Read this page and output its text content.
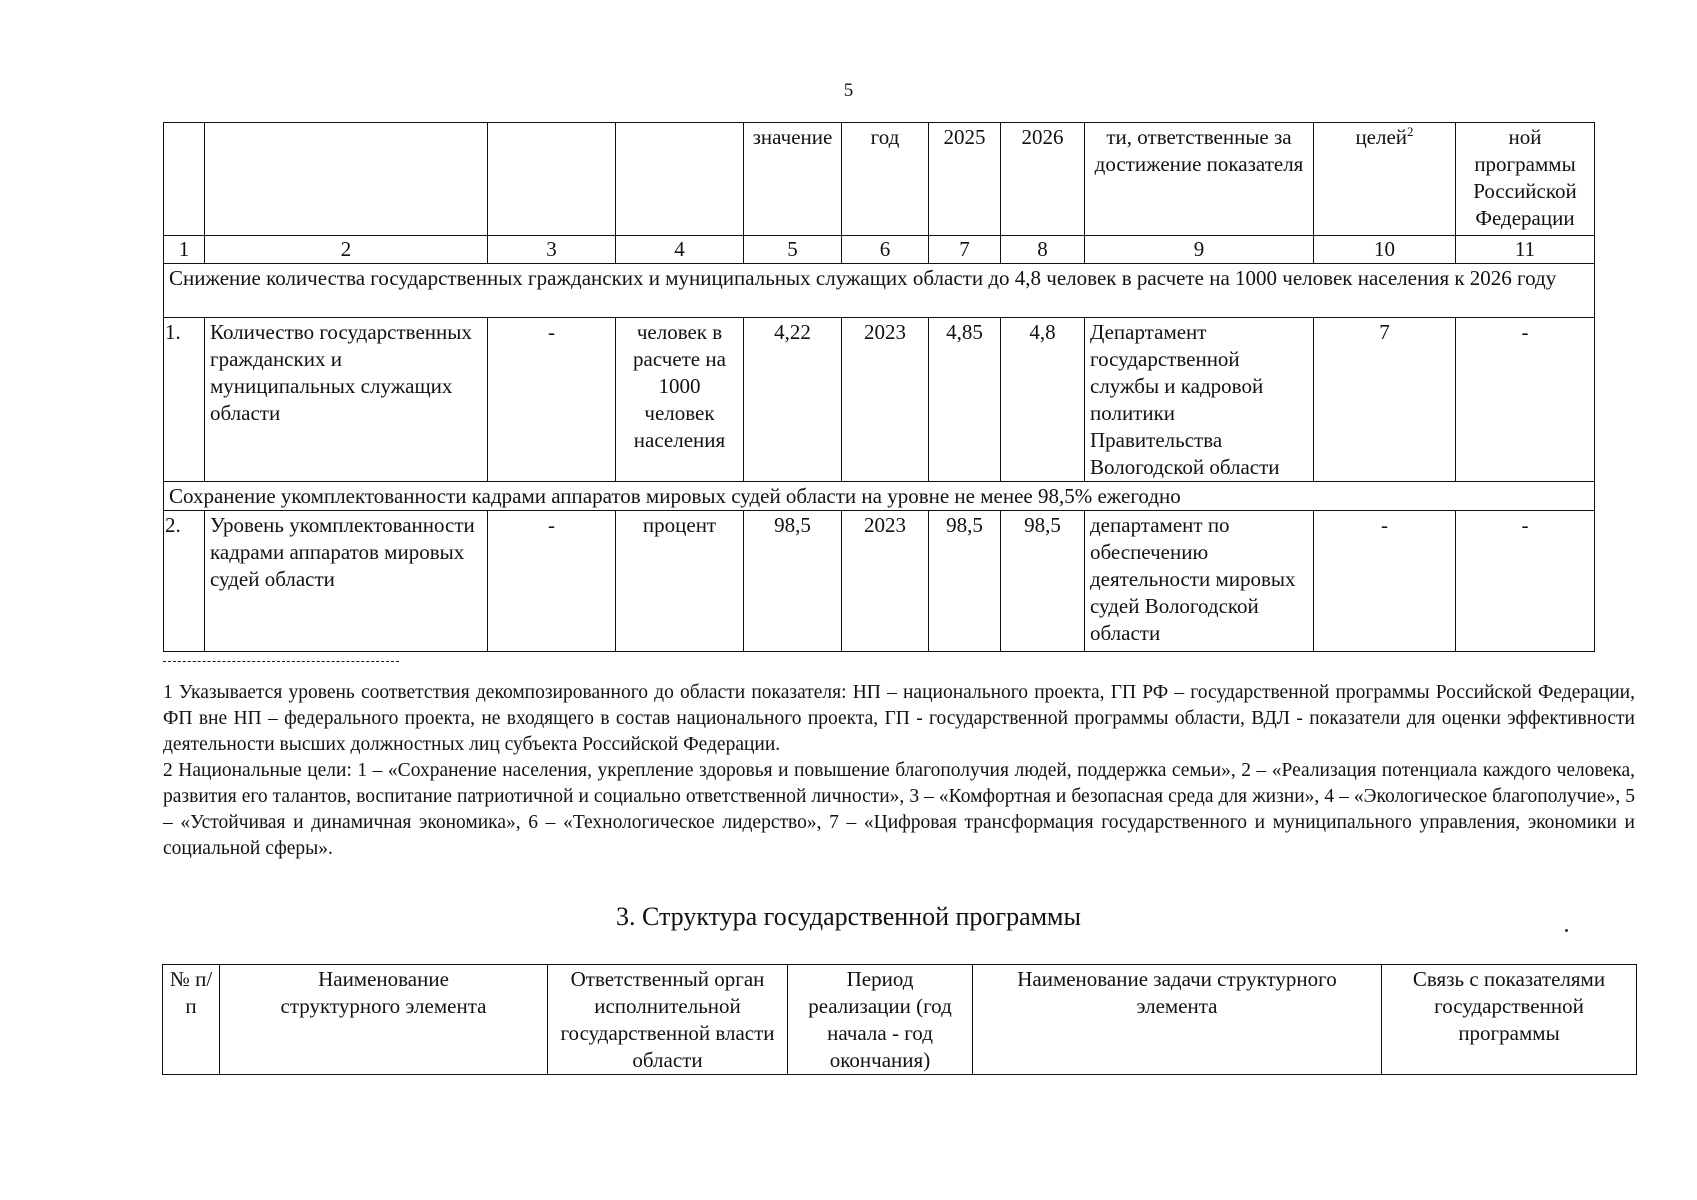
5
				значение	год	2025	2026	ти, ответственные за достижение показателя	целей$^2$	ной программы Российской Федерации
1	2	3	4	5	6	7	8	9	10	11
Снижение количества государственных гражданских и муниципальных служащих области до 4,8 человек в расчете на 1000 человек населения к 2026 году										
1.	Количество государственных гражданских и муниципальных служащих области	-	человек в расчете на 1000 человек населения	4,22	2023	4,85	4,8	Департамент государственной службы и кадровой политики Правительства Вологодской области	7	-
Сохранение укомплектованности кадрами аппаратов мировых судей области на уровне не менее 98,5% ежегодно										
2.	Уровень укомплектованности кадрами аппаратов мировых судей области	-	процент	98,5	2023	98,5	98,5	департамент по обеспечению деятельности мировых судей Вологодской области	-	-

1 Указывается уровень соответствия декомпозированного до области показателя: НП – национального проекта, ГП РФ – государственной программы Российской Федерации, ФП вне НП – федерального проекта, не входящего в состав национального проекта, ГП - государственной программы области, ВДЛ - показатели для оценки эффективности деятельности высших должностных лиц субъекта Российской Федерации.

2 Национальные цели: 1 – «Сохранение населения, укрепление здоровья и повышение благополучия людей, поддержка семьи», 2 – «Реализация потенциала каждого человека, развития его талантов, воспитание патриотичной и социально ответственной личности», 3 – «Комфортная и безопасная среда для жизни», 4 – «Экологическое благополучие», 5 – «Устойчивая и динамичная экономика», 6 – «Технологическое лидерство», 7 – «Цифровая трансформация государственного и муниципального управления, экономики и социальной сферы».

3. Структура государственной программы
№ п/п	Наименование структурного элемента	Ответственный орган исполнительной государственной власти области	Период реализации (год начала - год окончания)	Наименование задачи структурного элемента	Связь с показателями государственной программы
